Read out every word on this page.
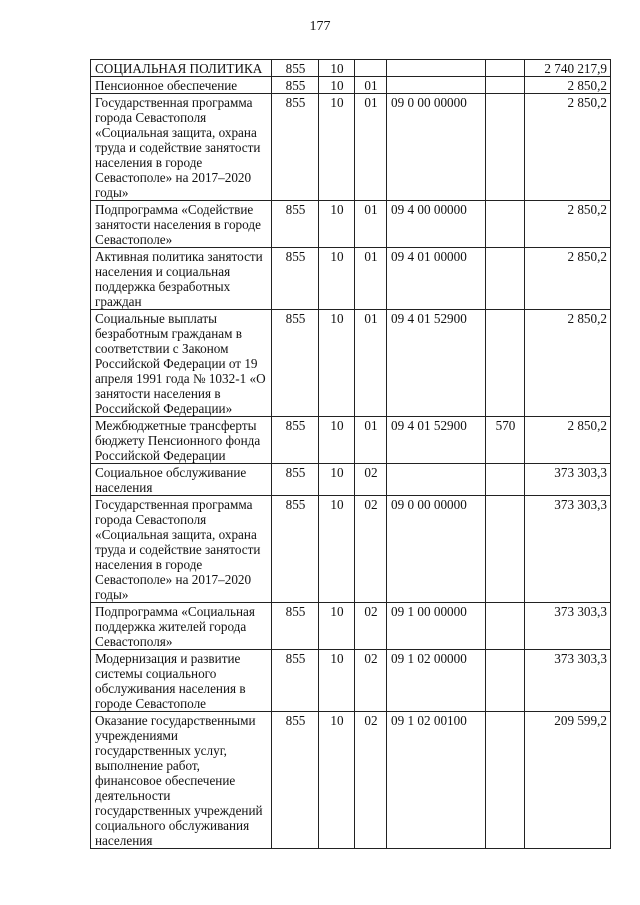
177
СОЦИАЛЬНАЯ ПОЛИТИКА	855	10				2 740 217,9
Пенсионное обеспечение	855	10	01			2 850,2
Государственная программа города Севастополя «Социальная защита, охрана труда и содействие занятости населения в городе Севастополе» на 2017–2020 годы»	855	10	01	09 0 00 00000		2 850,2
Подпрограмма «Содействие занятости населения в городе Севастополе»	855	10	01	09 4 00 00000		2 850,2
Активная политика занятости населения и социальная поддержка безработных граждан	855	10	01	09 4 01 00000		2 850,2
Социальные выплаты безработным гражданам в соответствии с Законом Российской Федерации от 19 апреля 1991 года № 1032-1 «О занятости населения в Российской Федерации»	855	10	01	09 4 01 52900		2 850,2
Межбюджетные трансферты бюджету Пенсионного фонда Российской Федерации	855	10	01	09 4 01 52900	570	2 850,2
Социальное обслуживание населения	855	10	02			373 303,3
Государственная программа города Севастополя «Социальная защита, охрана труда и содействие занятости населения в городе Севастополе» на 2017–2020 годы»	855	10	02	09 0 00 00000		373 303,3
Подпрограмма «Социальная поддержка жителей города Севастополя»	855	10	02	09 1 00 00000		373 303,3
Модернизация и развитие системы социального обслуживания населения в городе Севастополе	855	10	02	09 1 02 00000		373 303,3
Оказание государственными учреждениями государственных услуг, выполнение работ, финансовое обеспечение деятельности государственных учреждений социального обслуживания населения	855	10	02	09 1 02 00100		209 599,2
